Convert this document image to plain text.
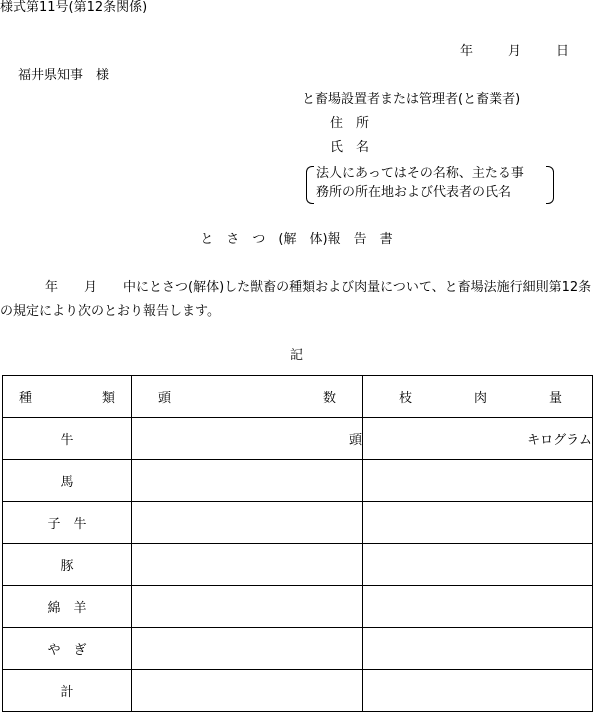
様式第11号(第12条関係)
年	月	日
福井県知事　様
と畜場設置者または管理者(と畜業者)
住　所
氏　名
法人にあってはその名称、主たる事
務所の所在地および代表者の氏名
と　さ　つ　(解　体)報　告　書
年　　月　　中にとさつ(解体)した獣畜の種類および肉量について、と畜場法施行細則第12条の規定により次のとおり報告します。
記
種 類	頭 数	枝 肉 量

牛	頭	キログラム
馬		
子　牛		
豚		
綿　羊		
や　ぎ		
計		
